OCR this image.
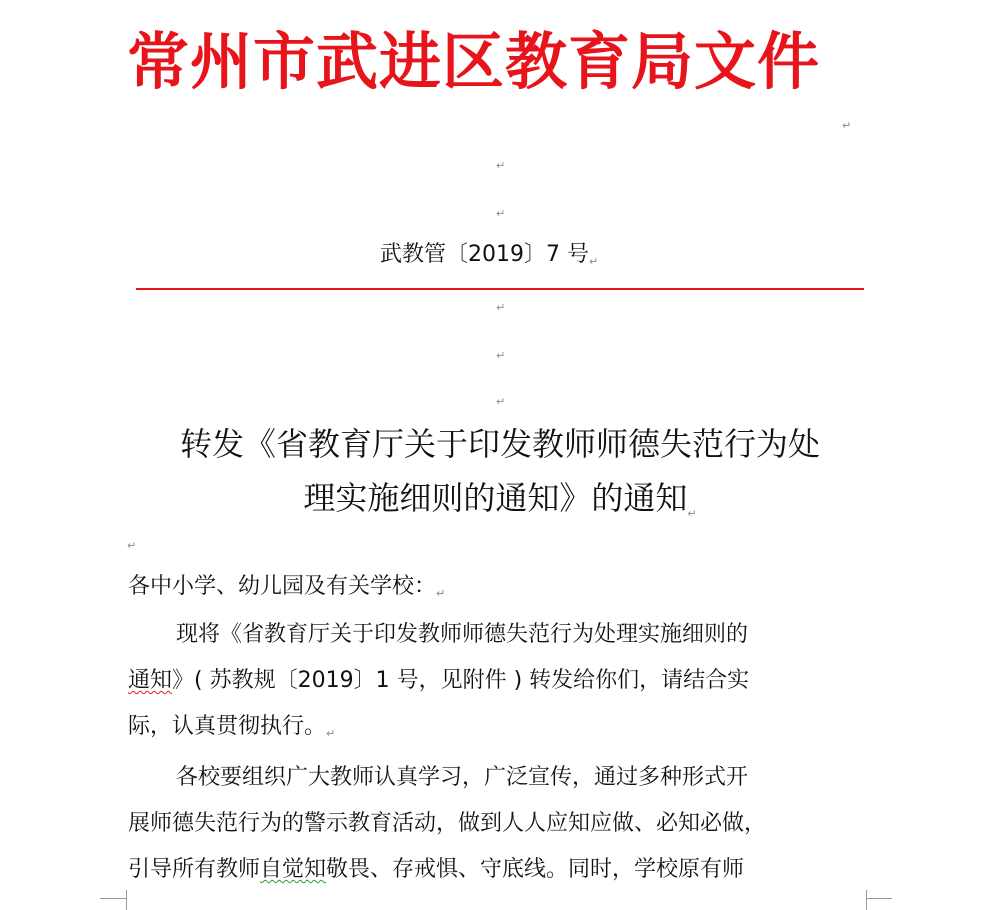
常州市武进区教育局文件
↵
↵
↵
武教管〔2019〕7 号↵
↵
↵
↵
转发《省教育厅关于印发教师师德失范行为处
理实施细则的通知》的通知$_↵$
↵
各中小学、幼儿园及有关学校：↵
现将《省教育厅关于印发教师师德失范行为处理实施细则的
通知》( 苏教规〔2019〕1 号，见附件 ) 转发给你们，请结合实
际，认真贯彻执行。↵
各校要组织广大教师认真学习，广泛宣传，通过多种形式开
展师德失范行为的警示教育活动，做到人人应知应做、必知必做，
引导所有教师自觉知敬畏、存戒惧、守底线。同时，学校原有师
